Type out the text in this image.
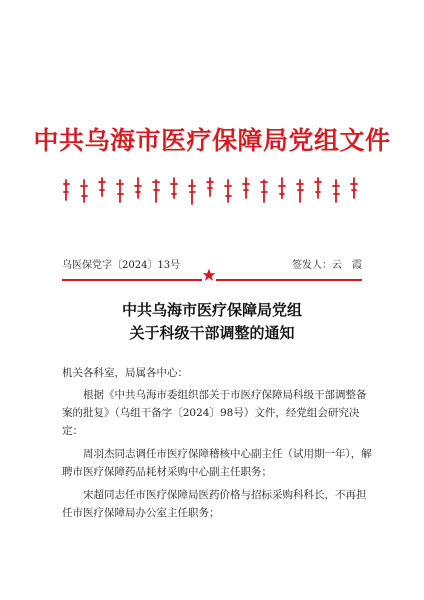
中共乌海市医疗保障局党组文件
乌医保党字〔2024〕13号	签发人：云　霞
中共乌海市医疗保障局党组
关于科级干部调整的通知
机关各科室，局属各中心：
根据《中共乌海市委组织部关于市医疗保障局科级干部调整备案的批复》（乌组干备字〔2024〕98号）文件，经党组会研究决定：
周羽杰同志调任市医疗保障稽核中心副主任（试用期一年），解聘市医疗保障药品耗材采购中心副主任职务；
宋超同志任市医疗保障局医药价格与招标采购科科长，不再担任市医疗保障局办公室主任职务；
